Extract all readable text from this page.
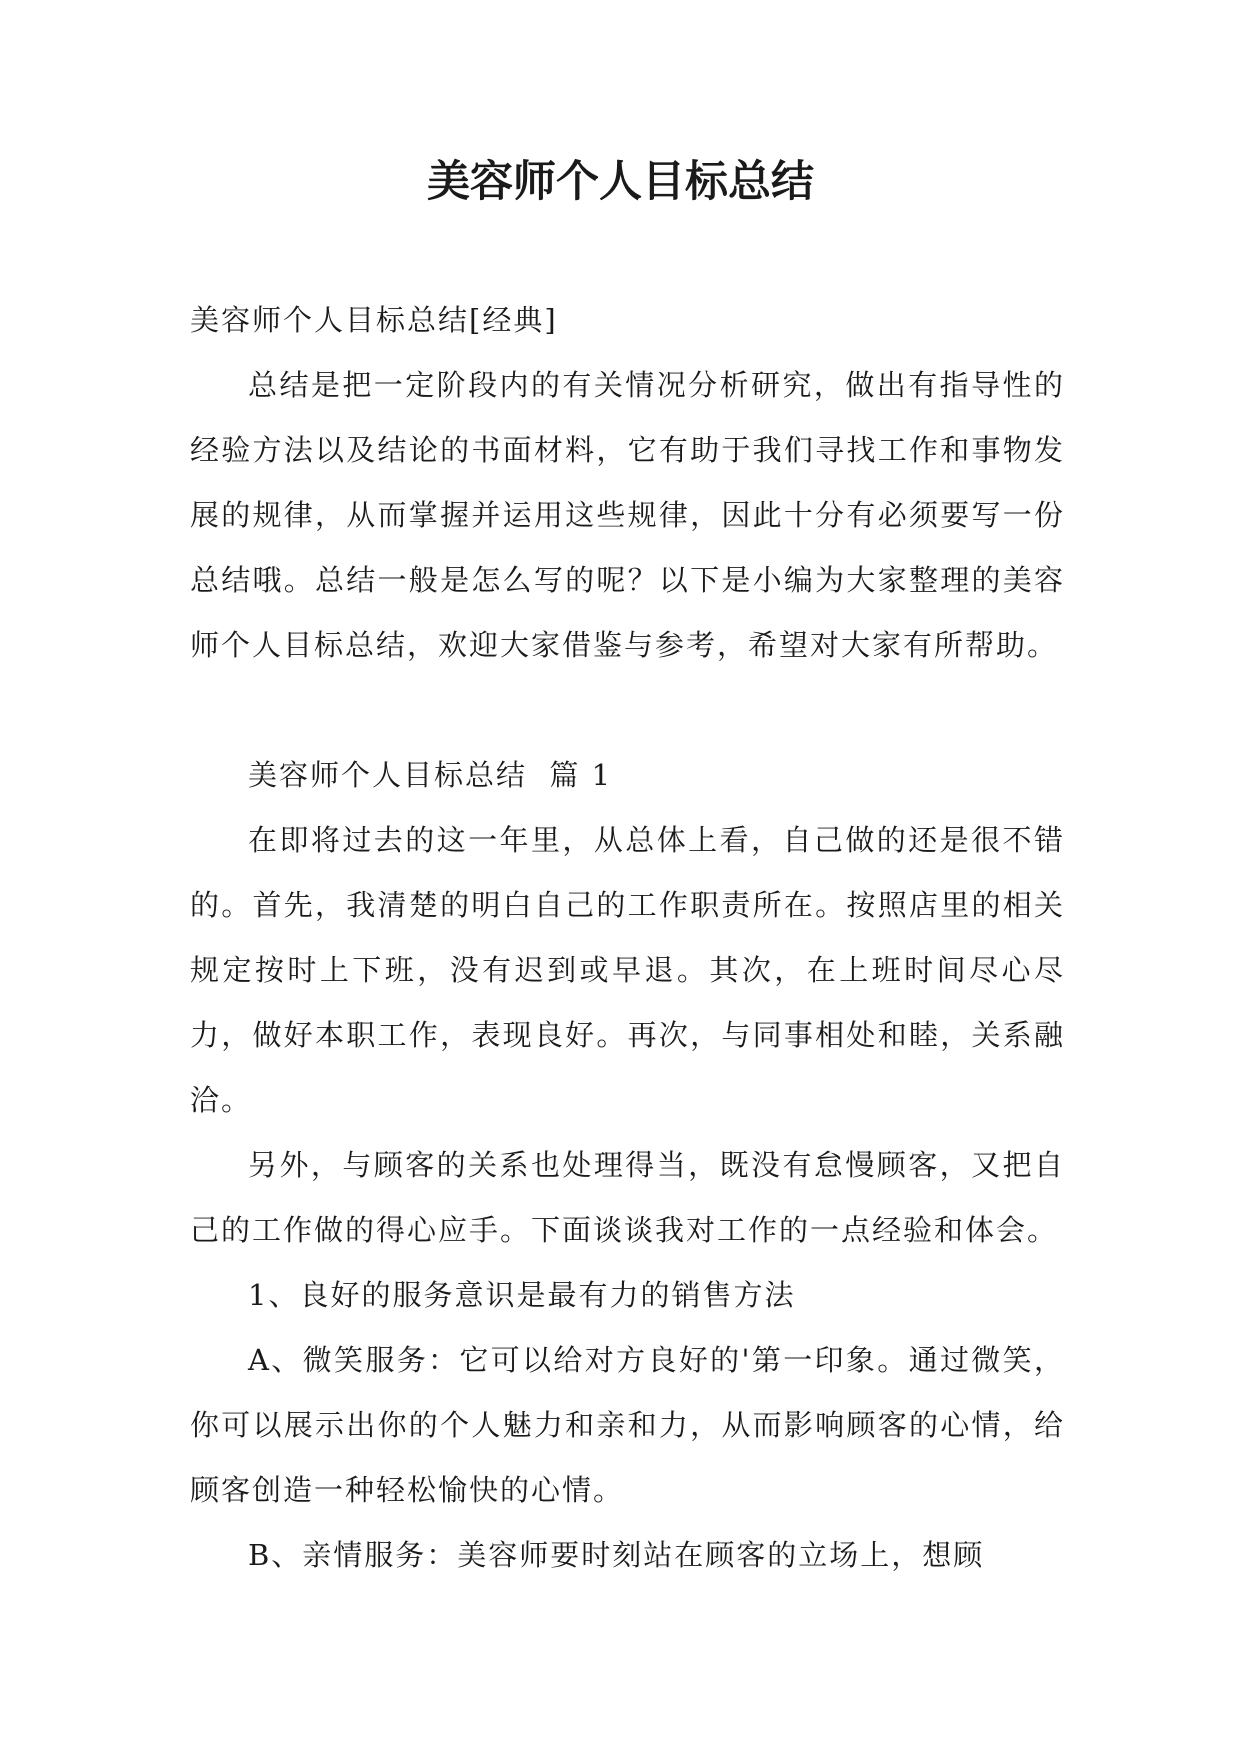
美容师个人目标总结

美容师个人目标总结[经典]

总结是把一定阶段内的有关情况分析研究，做出有指导性的经验方法以及结论的书面材料，它有助于我们寻找工作和事物发展的规律，从而掌握并运用这些规律，因此十分有必须要写一份总结哦。总结一般是怎么写的呢？以下是小编为大家整理的美容师个人目标总结，欢迎大家借鉴与参考，希望对大家有所帮助。

美容师个人目标总结  篇 1

在即将过去的这一年里，从总体上看，自己做的还是很不错的。首先，我清楚的明白自己的工作职责所在。按照店里的相关规定按时上下班，没有迟到或早退。其次，在上班时间尽心尽力，做好本职工作，表现良好。再次，与同事相处和睦，关系融洽。

另外，与顾客的关系也处理得当，既没有怠慢顾客，又把自己的工作做的得心应手。下面谈谈我对工作的一点经验和体会。

1、良好的服务意识是最有力的销售方法

A、微笑服务：它可以给对方良好的'第一印象。通过微笑，你可以展示出你的个人魅力和亲和力，从而影响顾客的心情，给顾客创造一种轻松愉快的心情。

B、亲情服务：美容师要时刻站在顾客的立场上，想顾
